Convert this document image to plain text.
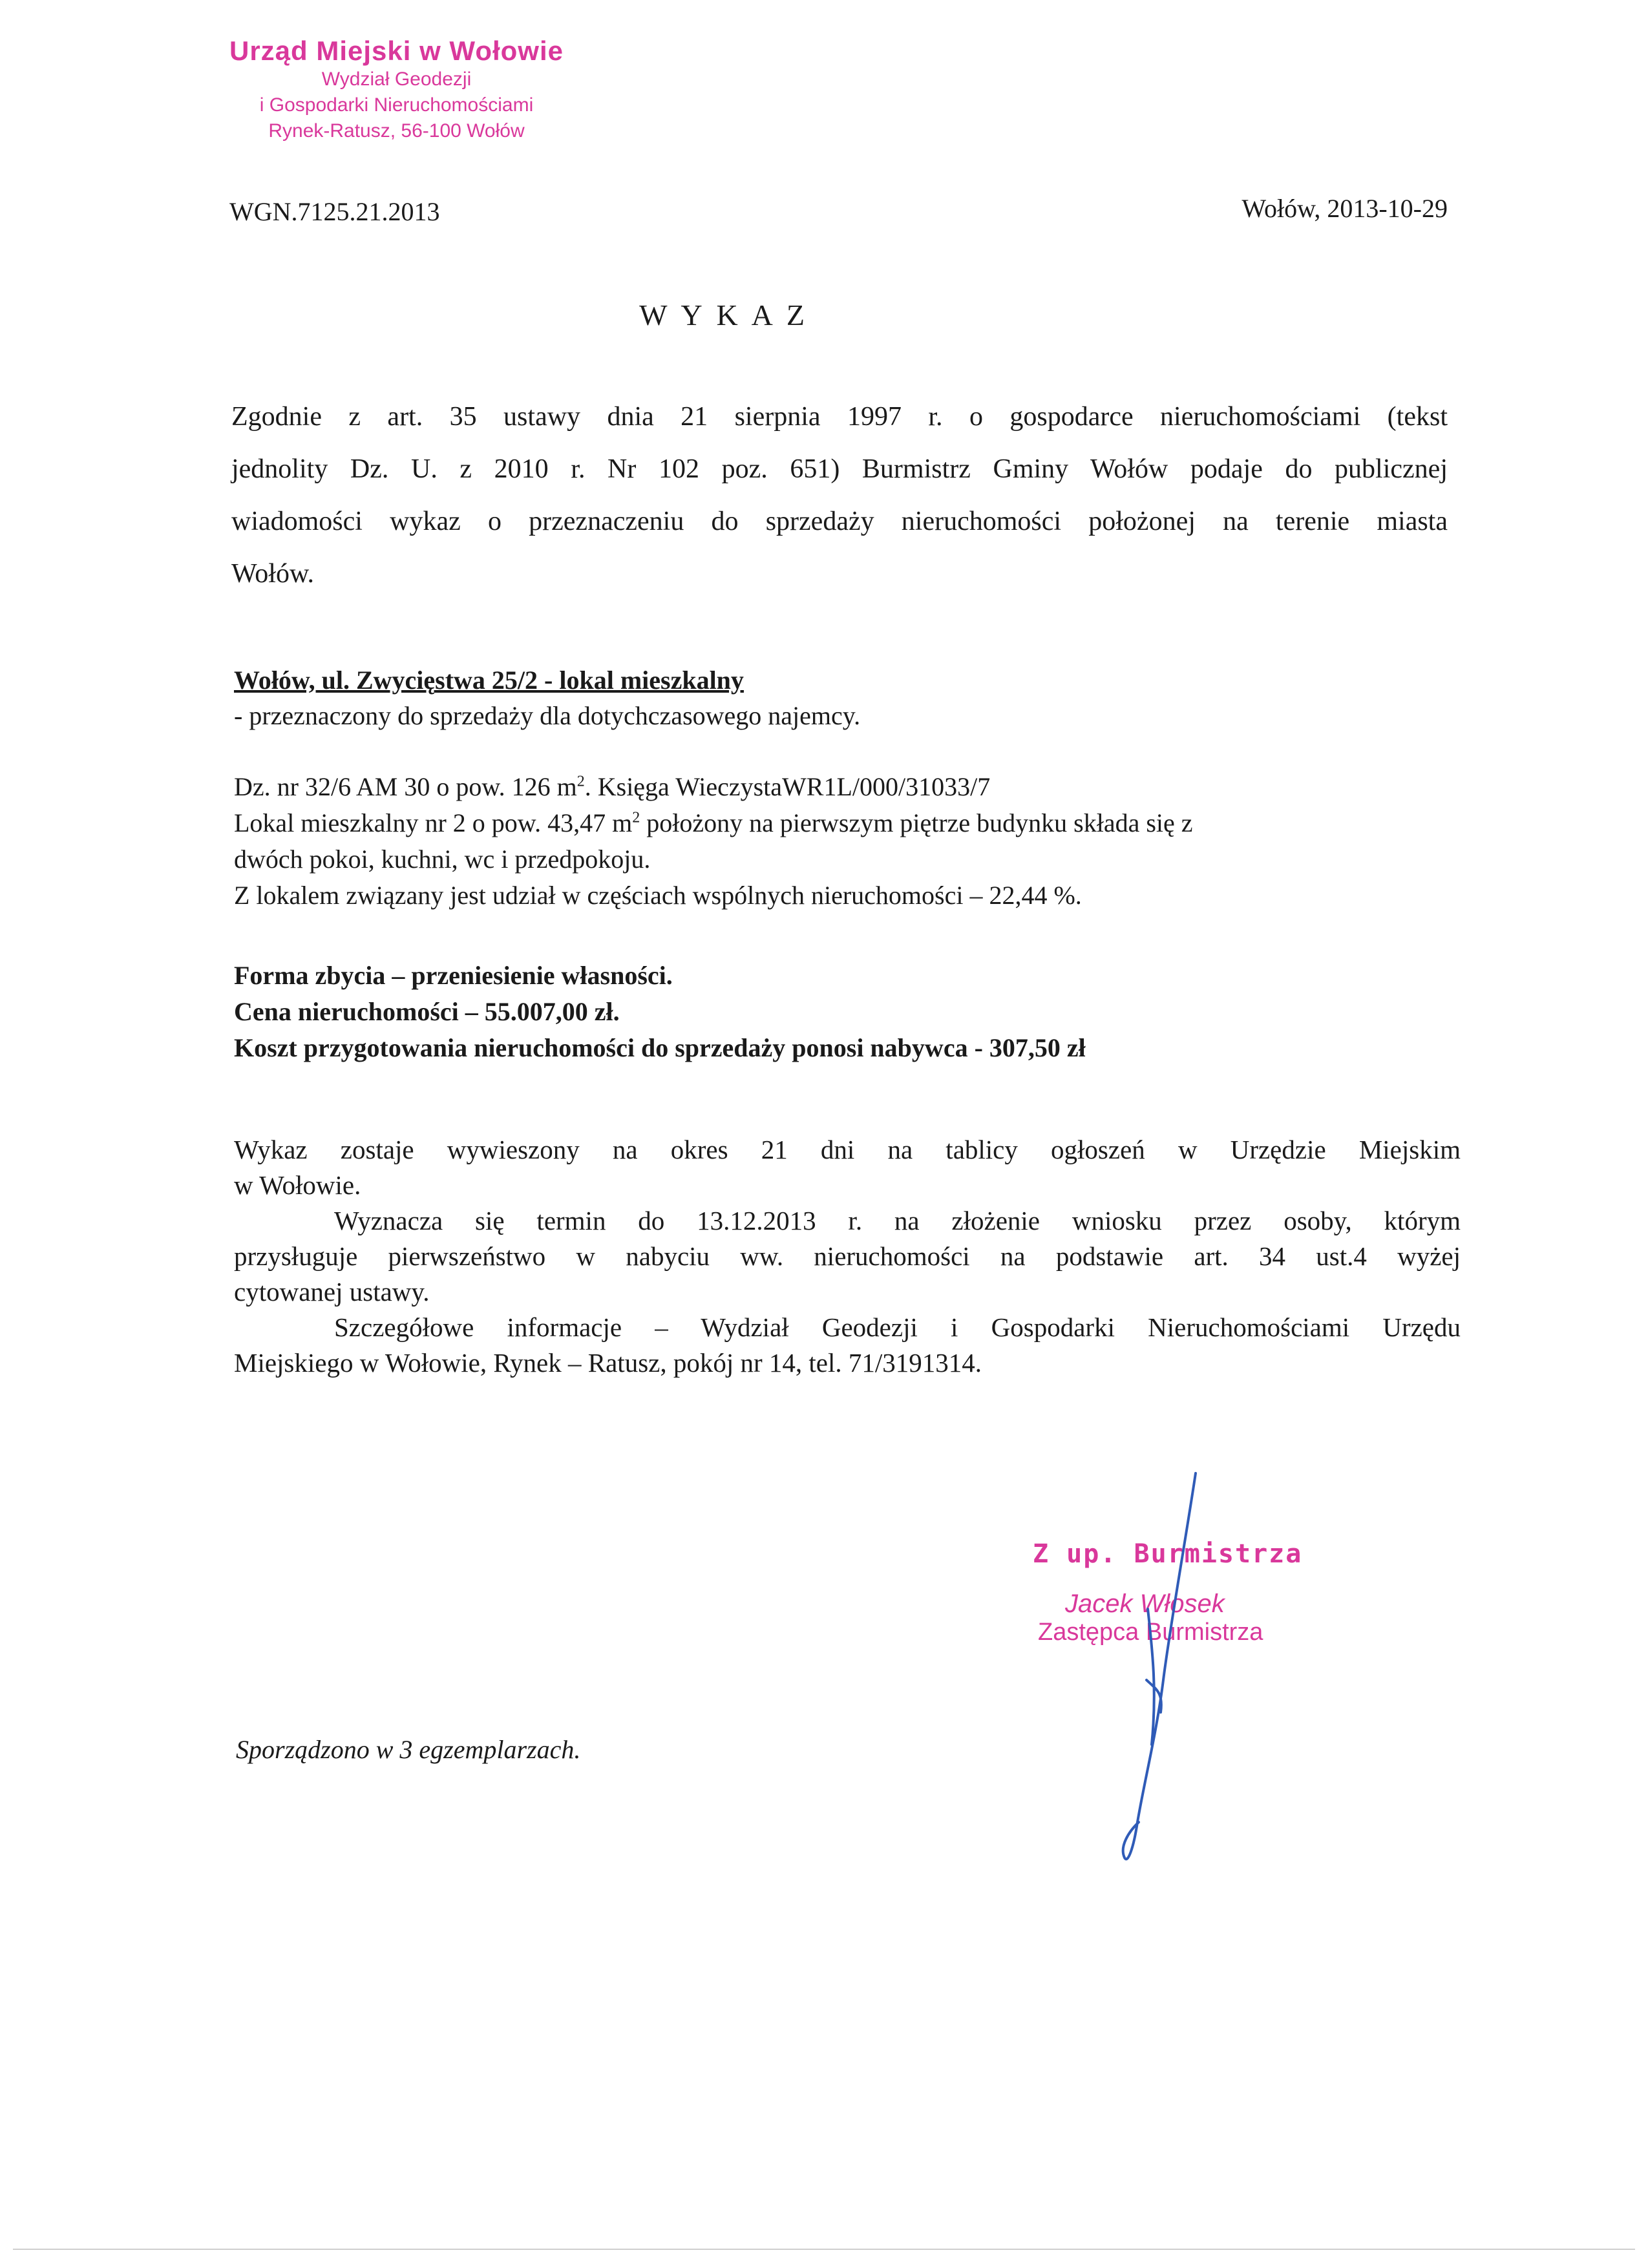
Urząd Miejski w Wołowie
Wydział Geodezji
i Gospodarki Nieruchomościami
Rynek-Ratusz, 56-100 Wołów
WGN.7125.21.2013	Wołów, 2013-10-29
W Y K A Z
Zgodnie z art. 35 ustawy dnia 21 sierpnia 1997 r. o gospodarce nieruchomościami (tekst
jednolity Dz. U. z 2010 r. Nr 102 poz. 651) Burmistrz Gminy Wołów podaje do publicznej
wiadomości wykaz o przeznaczeniu do sprzedaży nieruchomości położonej na terenie miasta
Wołów.
Wołów, ul. Zwycięstwa 25/2 - lokal mieszkalny
- przeznaczony do sprzedaży dla dotychczasowego najemcy.
Dz. nr 32/6 AM 30 o pow. 126 $m^2$. Księga WieczystaWR1L/000/31033/7
Lokal mieszkalny nr 2 o pow. 43,47 $m^2$ położony na pierwszym piętrze budynku składa się z
dwóch pokoi, kuchni, wc i przedpokoju.
Z lokalem związany jest udział w częściach wspólnych nieruchomości – 22,44 %.
Forma zbycia – przeniesienie własności.
Cena nieruchomości – 55.007,00 zł.
Koszt przygotowania nieruchomości do sprzedaży ponosi nabywca - 307,50 zł
Wykaz zostaje wywieszony na okres 21 dni na tablicy ogłoszeń w Urzędzie Miejskim
w Wołowie.
Wyznacza się termin do 13.12.2013 r. na złożenie wniosku przez osoby, którym
przysługuje pierwszeństwo w nabyciu ww. nieruchomości na podstawie art. 34 ust.4 wyżej
cytowanej ustawy.
Szczegółowe informacje – Wydział Geodezji i Gospodarki Nieruchomościami Urzędu
Miejskiego w Wołowie, Rynek – Ratusz, pokój nr 14, tel. 71/3191314.
Z up. Burmistrza
Jacek Włosek
Zastępca Burmistrza
Sporządzono w 3 egzemplarzach.
